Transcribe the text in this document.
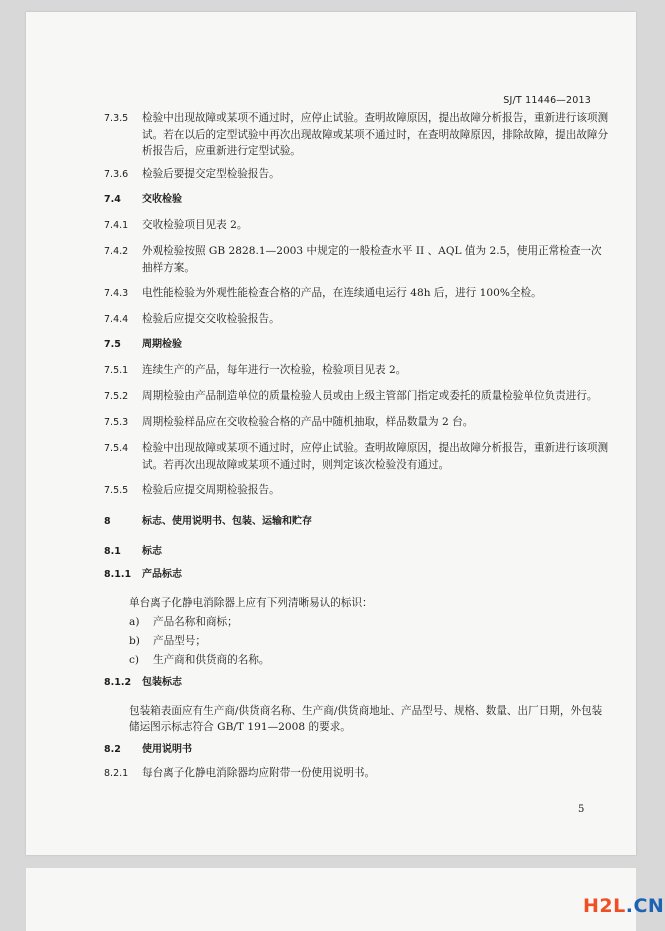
SJ/T 11446—2013
7.3.5 检验中出现故障或某项不通过时，应停止试验。查明故障原因，提出故障分析报告，重新进行该项测试。若在以后的定型试验中再次出现故障或某项不通过时，在查明故障原因，排除故障，提出故障分析报告后，应重新进行定型试验。
7.3.6 检验后要提交定型检验报告。
7.4 交收检验
7.4.1 交收检验项目见表 2。
7.4.2 外观检验按照 GB 2828.1—2003 中规定的一般检查水平 II 、AQL 值为 2.5，使用正常检查一次抽样方案。
7.4.3 电性能检验为外观性能检查合格的产品，在连续通电运行 48h 后，进行 100%全检。
7.4.4 检验后应提交交收检验报告。
7.5 周期检验
7.5.1 连续生产的产品，每年进行一次检验，检验项目见表 2。
7.5.2 周期检验由产品制造单位的质量检验人员或由上级主管部门指定或委托的质量检验单位负责进行。
7.5.3 周期检验样品应在交收检验合格的产品中随机抽取，样品数量为 2 台。
7.5.4 检验中出现故障或某项不通过时，应停止试验。查明故障原因，提出故障分析报告，重新进行该项测试。若再次出现故障或某项不通过时，则判定该次检验没有通过。
7.5.5 检验后应提交周期检验报告。
8	标志、使用说明书、包装、运输和贮存
8.1 标志
8.1.1 产品标志
单台离子化静电消除器上应有下列清晰易认的标识：
a) 产品名称和商标；
b) 产品型号；
c) 生产商和供货商的名称。
8.1.2 包装标志
包装箱表面应有生产商/供货商名称、生产商/供货商地址、产品型号、规格、数量、出厂日期，外包装储运图示标志符合 GB/T 191—2008 的要求。
8.2 使用说明书
8.2.1 每台离子化静电消除器均应附带一份使用说明书。
5
H2L.CN
